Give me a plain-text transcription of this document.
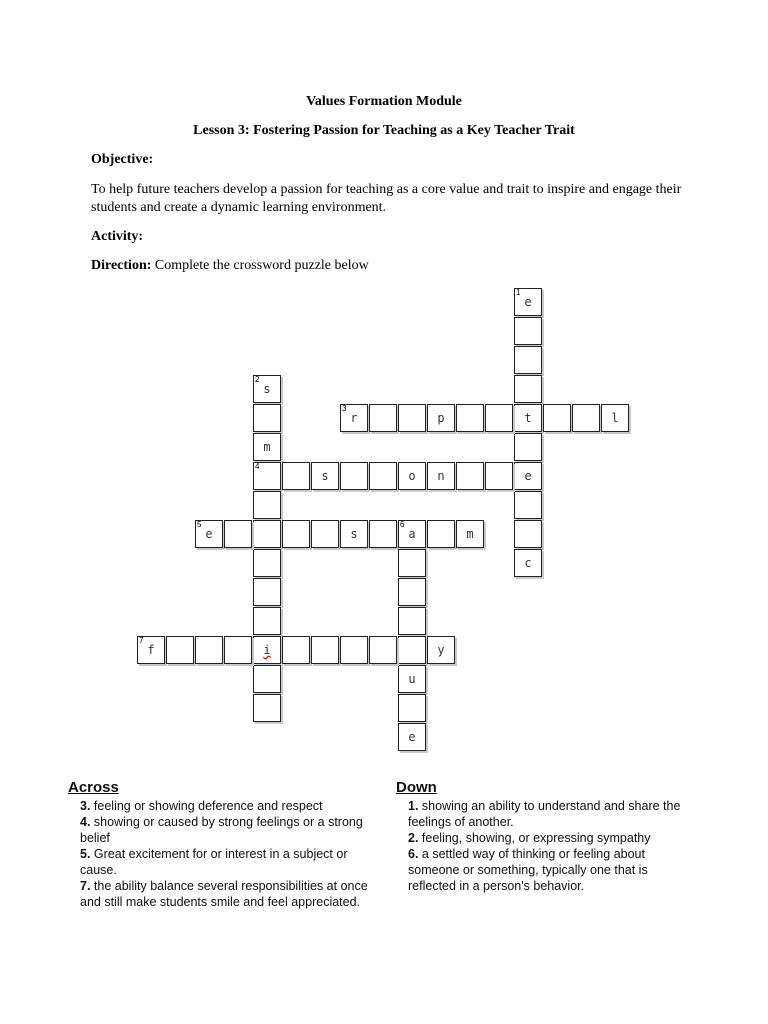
Values Formation Module
Lesson 3: Fostering Passion for Teaching as a Key Teacher Trait
Objective:
To help future teachers develop a passion for teaching as a core value and trait to inspire and engage their students and create a dynamic learning environment.
Activity:
Direction: Complete the crossword puzzle below
1
e
t
e
c
2
s
m
4
i
3
r	p	l
s	o	n
5
e	s
6
a	m
u
e
7
f	y
Across
3. feeling or showing deference and respect
4. showing or caused by strong feelings or a strong belief
5. Great excitement for or interest in a subject or cause.
7. the ability balance several responsibilities at once and still make students smile and feel appreciated.
Down
1. showing an ability to understand and share the feelings of another.
2. feeling, showing, or expressing sympathy
6. a settled way of thinking or feeling about someone or something, typically one that is reflected in a person's behavior.
